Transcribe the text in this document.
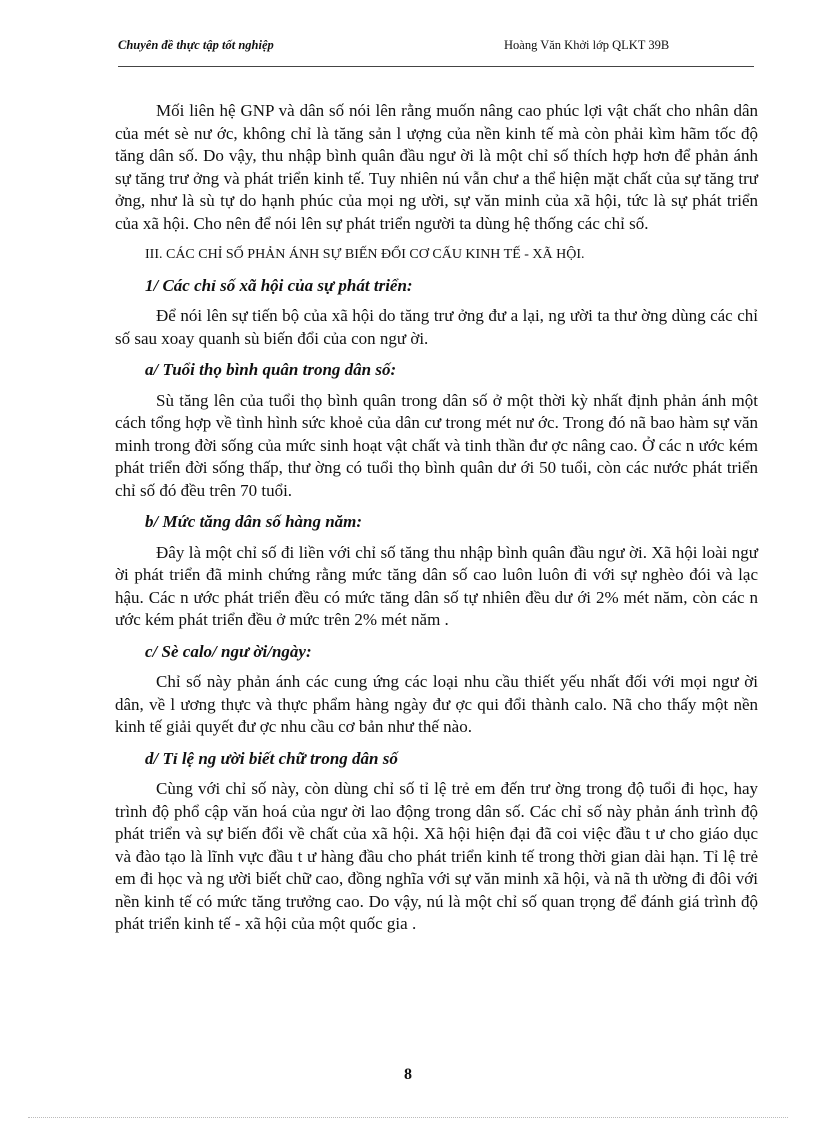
Chuyên đề thực tập tốt nghiệp	Hoàng Văn Khởi lớp QLKT 39B

Mối liên hệ GNP và dân số nói lên rằng muốn nâng cao phúc lợi vật chất cho nhân dân của mét sè nư ớc, không chỉ là tăng sản l ượng của nền kinh tế mà còn phải kìm hãm tốc độ tăng dân số. Do vậy, thu nhập bình quân đầu ngư ời là một chỉ số thích hợp hơn để phản ánh sự tăng trư ởng và phát triển kinh tế. Tuy nhiên nú vẫn chư a thể hiện mặt chất của sự tăng trư ởng, như là sù tự do hạnh phúc của mọi ng ười, sự văn minh của xã hội, tức là sự phát triển của xã hội. Cho nên để nói lên sự phát triển người ta dùng hệ thống các chỉ số.

III. CÁC CHỈ SỐ PHẢN ÁNH SỰ BIẾN ĐỔI CƠ CẤU KINH TẾ - XÃ HỘI.

1/ Các chỉ số xã hội của sự phát triển:

Để nói lên sự tiến bộ của xã hội do tăng trư ởng đư a lại, ng ười ta thư ờng dùng các chỉ số sau xoay quanh sù biến đổi của con ngư ời.

a/ Tuổi thọ bình quân trong dân số:

Sù tăng lên của tuổi thọ bình quân trong dân số ở một thời kỳ nhất định phản ánh một cách tổng hợp về tình hình sức khoẻ của dân cư trong mét nư ớc. Trong đó nã bao hàm sự văn minh trong đời sống của mức sinh hoạt vật chất và tinh thần đư ợc nâng cao. Ở các n ước kém phát triển đời sống thấp, thư ờng có tuổi thọ bình quân dư ới 50 tuổi, còn các nước phát triển chỉ số đó đều trên 70 tuổi.

b/ Mức tăng dân số hàng năm:

Đây là một chỉ số đi liền với chỉ số tăng thu nhập bình quân đầu ngư ời. Xã hội loài ngư ời phát triển đã minh chứng rằng mức tăng dân số cao luôn luôn đi với sự nghèo đói và lạc hậu. Các n ước phát triển đều có mức tăng dân số tự nhiên đều dư ới 2% mét năm, còn các n ước kém phát triển đều ở mức trên 2% mét năm .

c/ Sè calo/ ngư ời/ngày:

Chỉ số này phản ánh các cung ứng các loại nhu cầu thiết yếu nhất đối với mọi ngư ời dân, về l ương thực và thực phẩm hàng ngày đư ợc qui đổi thành calo. Nã cho thấy một nền kinh tế giải quyết đư ợc nhu cầu cơ bản như thế nào.

d/ Tỉ lệ ng ười biết chữ trong dân số

Cùng với chỉ số này, còn dùng chỉ số tỉ lệ trẻ em đến trư ờng trong độ tuổi đi học, hay trình độ phổ cập văn hoá của ngư ời lao động trong dân số. Các chỉ số này phản ánh trình độ phát triển và sự biến đổi về chất của xã hội. Xã hội hiện đại đã coi việc đầu t ư cho giáo dục và đào tạo là lĩnh vực đầu t ư hàng đầu cho phát triển kinh tế trong thời gian dài hạn. Tỉ lệ trẻ em đi học và ng ười biết chữ cao, đồng nghĩa với sự văn minh xã hội, và nã th ường đi đôi với nền kinh tế có mức tăng trưởng cao. Do vậy, nú là một chỉ số quan trọng để đánh giá trình độ phát triển kinh tế - xã hội của một quốc gia .

8
